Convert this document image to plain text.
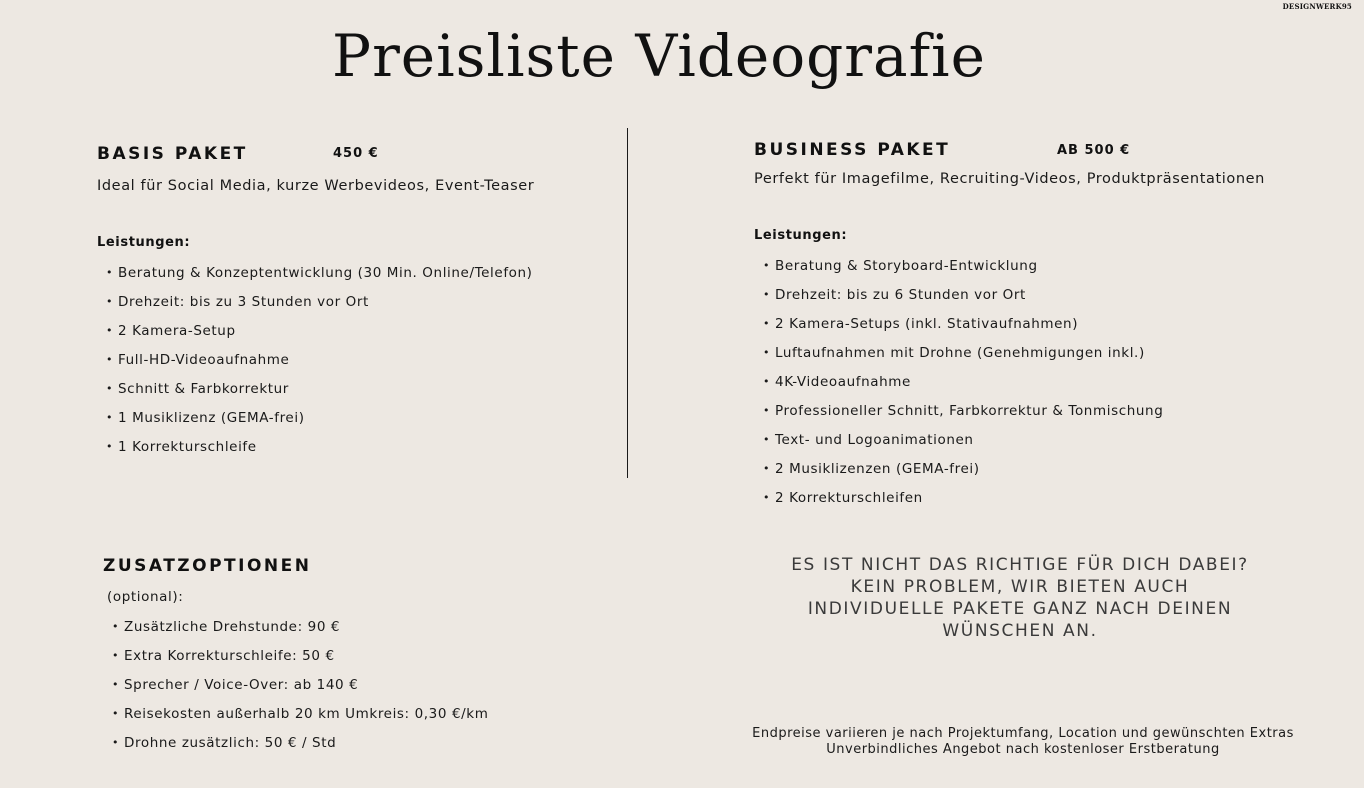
DESIGNWERK95
Preisliste Videografie
BASIS PAKET	450 €
Ideal für Social Media, kurze Werbevideos, Event-Teaser
Leistungen:
• Beratung & Konzeptentwicklung (30 Min. Online/Telefon)
• Drehzeit: bis zu 3 Stunden vor Ort
• 2 Kamera-Setup
• Full-HD-Videoaufnahme
• Schnitt & Farbkorrektur
• 1 Musiklizenz (GEMA-frei)
• 1 Korrekturschleife
BUSINESS PAKET	AB 500 €
Perfekt für Imagefilme, Recruiting-Videos, Produktpräsentationen
Leistungen:
• Beratung & Storyboard-Entwicklung
• Drehzeit: bis zu 6 Stunden vor Ort
• 2 Kamera-Setups (inkl. Stativaufnahmen)
• Luftaufnahmen mit Drohne (Genehmigungen inkl.)
• 4K-Videoaufnahme
• Professioneller Schnitt, Farbkorrektur & Tonmischung
• Text- und Logoanimationen
• 2 Musiklizenzen (GEMA-frei)
• 2 Korrekturschleifen
ZUSATZOPTIONEN
(optional):
• Zusätzliche Drehstunde: 90 €
• Extra Korrekturschleife: 50 €
• Sprecher / Voice-Over: ab 140 €
• Reisekosten außerhalb 20 km Umkreis: 0,30 €/km
• Drohne zusätzlich: 50 € / Std
ES IST NICHT DAS RICHTIGE FÜR DICH DABEI?
KEIN PROBLEM, WIR BIETEN AUCH
INDIVIDUELLE PAKETE GANZ NACH DEINEN
WÜNSCHEN AN.
Endpreise variieren je nach Projektumfang, Location und gewünschten Extras
Unverbindliches Angebot nach kostenloser Erstberatung
